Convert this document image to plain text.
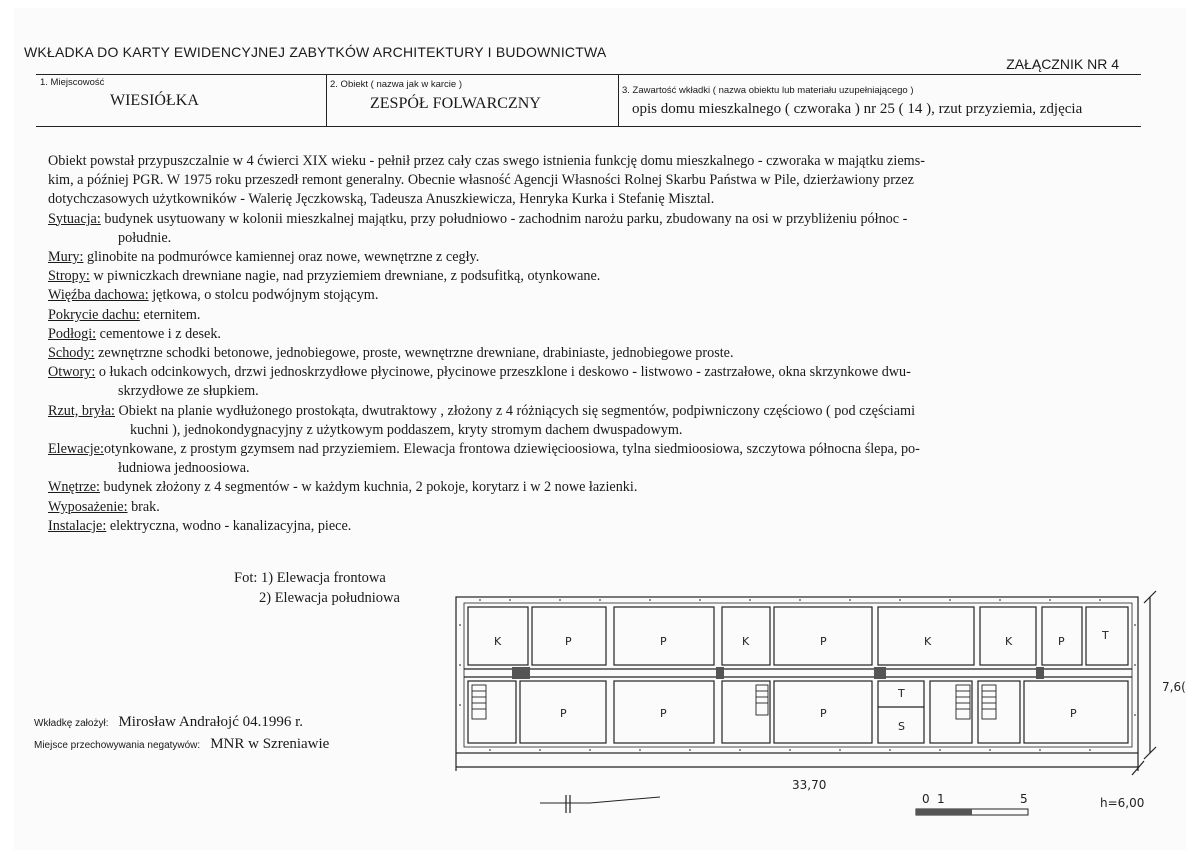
WKŁADKA DO KARTY EWIDENCYJNEJ ZABYTKÓW ARCHITEKTURY I BUDOWNICTWA
ZAŁĄCZNIK NR 4
1. Miejscowość
WIESIÓŁKA
2. Obiekt ( nazwa jak w karcie )
ZESPÓŁ FOLWARCZNY
3. Zawartość wkładki ( nazwa obiektu lub materiału uzupełniającego )
opis domu mieszkalnego ( czworaka ) nr 25 ( 14 ), rzut przyziemia, zdjęcia

Obiekt powstał przypuszczalnie w 4 ćwierci XIX wieku - pełnił przez cały czas swego istnienia funkcję domu mieszkalnego - czworaka w majątku ziems-

kim, a później PGR. W 1975 roku przeszedł remont generalny. Obecnie własność Agencji Własności Rolnej Skarbu Państwa w Pile, dzierżawiony przez

dotychczasowych użytkowników - Walerię Jęczkowską, Tadeusza Anuszkiewicza, Henryka Kurka i Stefanię Misztal.

Sytuacja: budynek usytuowany w kolonii mieszkalnej majątku, przy południowo - zachodnim narożu parku, zbudowany na osi w przybliżeniu północ -

południe.

Mury: glinobite na podmurówce kamiennej oraz nowe, wewnętrzne z cegły.

Stropy: w piwniczkach drewniane nagie, nad przyziemiem drewniane, z podsufitką, otynkowane.

Więźba dachowa: jętkowa, o stolcu podwójnym stojącym.

Pokrycie dachu: eternitem.

Podłogi: cementowe i z desek.

Schody: zewnętrzne schodki betonowe, jednobiegowe, proste, wewnętrzne drewniane, drabiniaste, jednobiegowe proste.

Otwory: o łukach odcinkowych, drzwi jednoskrzydłowe płycinowe, płycinowe przeszklone i deskowo - listwowo - zastrzałowe, okna skrzynkowe dwu-

skrzydłowe ze słupkiem.

Rzut, bryła: Obiekt na planie wydłużonego prostokąta, dwutraktowy , złożony z 4 różniących się segmentów, podpiwniczony częściowo ( pod częściami

kuchni ), jednokondygnacyjny z użytkowym poddaszem, kryty stromym dachem dwuspadowym.

Elewacje:otynkowane, z prostym gzymsem nad przyziemiem. Elewacja frontowa dziewięcioosiowa, tylna siedmioosiowa, szczytowa północna ślepa, po-

łudniowa jednoosiowa.

Wnętrze: budynek złożony z 4 segmentów - w każdym kuchnia, 2 pokoje, korytarz i w 2 nowe łazienki.

Wyposażenie: brak.

Instalacje: elektryczna, wodno - kanalizacyjna, piece.

Fot: 1) Elewacja frontowa
2) Elewacja południowa
Wkładkę założył: Mirosław Andrałojć 04.1996 r.
Miejsce przechowywania negatywów: MNR w Szreniawie
K	P	P	K	P	K	K	P	T
P	P	P
T
S
P
33,70
7,6(
h=6,00
0 1	5
